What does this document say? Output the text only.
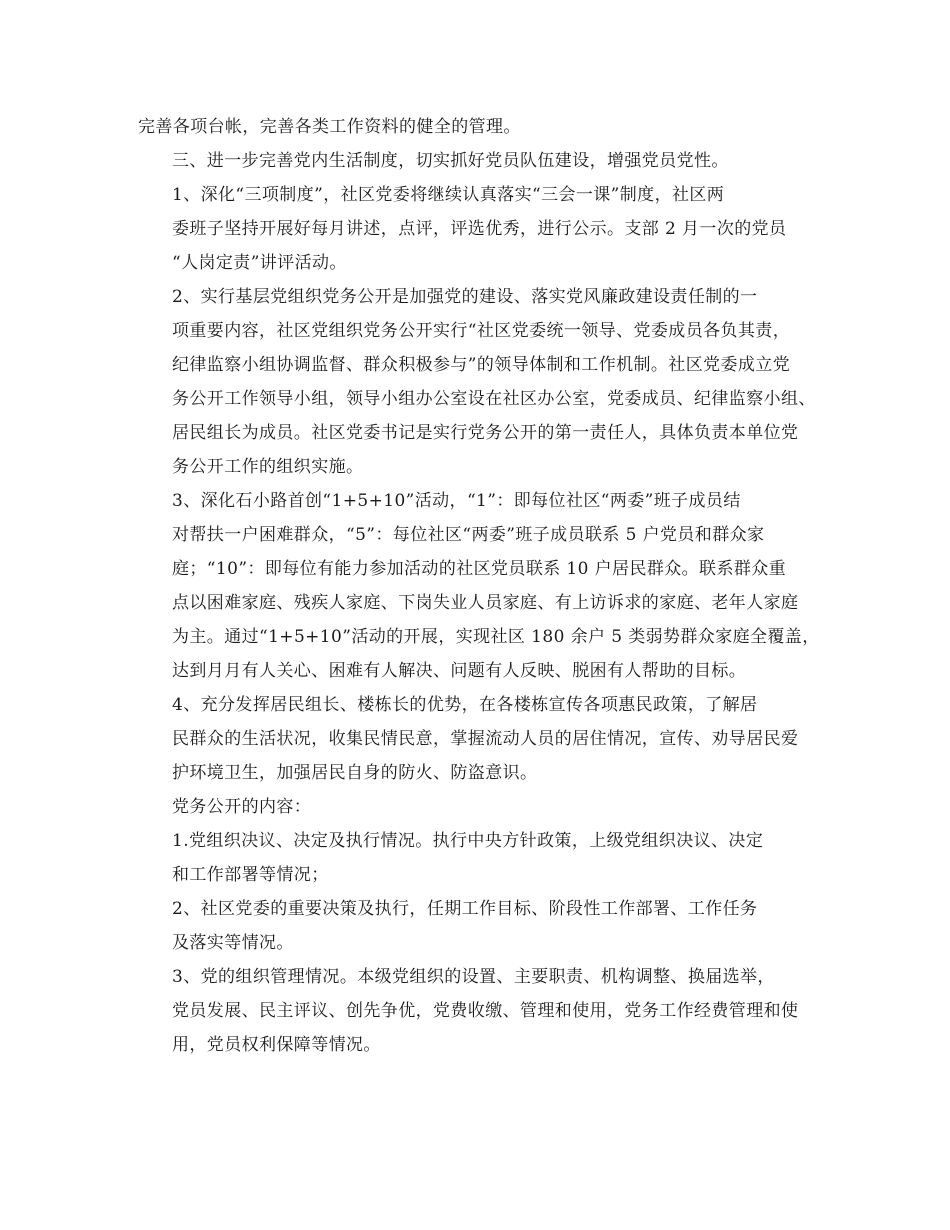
完善各项台帐，完善各类工作资料的健全的管理。
三、进一步完善党内生活制度，切实抓好党员队伍建设，增强党员党性。
1、深化“三项制度”，社区党委将继续认真落实“三会一课”制度，社区两
委班子坚持开展好每月讲述，点评，评选优秀，进行公示。支部 2 月一次的党员
“人岗定责”讲评活动。
2、实行基层党组织党务公开是加强党的建设、落实党风廉政建设责任制的一
项重要内容，社区党组织党务公开实行“社区党委统一领导、党委成员各负其责，
纪律监察小组协调监督、群众积极参与”的领导体制和工作机制。社区党委成立党
务公开工作领导小组，领导小组办公室设在社区办公室，党委成员、纪律监察小组、
居民组长为成员。社区党委书记是实行党务公开的第一责任人，具体负责本单位党
务公开工作的组织实施。
3、深化石小路首创“1+5+10”活动，“1”：即每位社区“两委”班子成员结
对帮扶一户困难群众，“5”：每位社区“两委”班子成员联系 5 户党员和群众家
庭；“10”：即每位有能力参加活动的社区党员联系 10 户居民群众。联系群众重
点以困难家庭、残疾人家庭、下岗失业人员家庭、有上访诉求的家庭、老年人家庭
为主。通过“1+5+10”活动的开展，实现社区 180 余户 5 类弱势群众家庭全覆盖，
达到月月有人关心、困难有人解决、问题有人反映、脱困有人帮助的目标。
4、充分发挥居民组长、楼栋长的优势，在各楼栋宣传各项惠民政策，了解居
民群众的生活状况，收集民情民意，掌握流动人员的居住情况，宣传、劝导居民爱
护环境卫生，加强居民自身的防火、防盗意识。
党务公开的内容：
1.党组织决议、决定及执行情况。执行中央方针政策，上级党组织决议、决定
和工作部署等情况；
2、社区党委的重要决策及执行，任期工作目标、阶段性工作部署、工作任务
及落实等情况。
3、党的组织管理情况。本级党组织的设置、主要职责、机构调整、换届选举，
党员发展、民主评议、创先争优，党费收缴、管理和使用，党务工作经费管理和使
用，党员权利保障等情况。
